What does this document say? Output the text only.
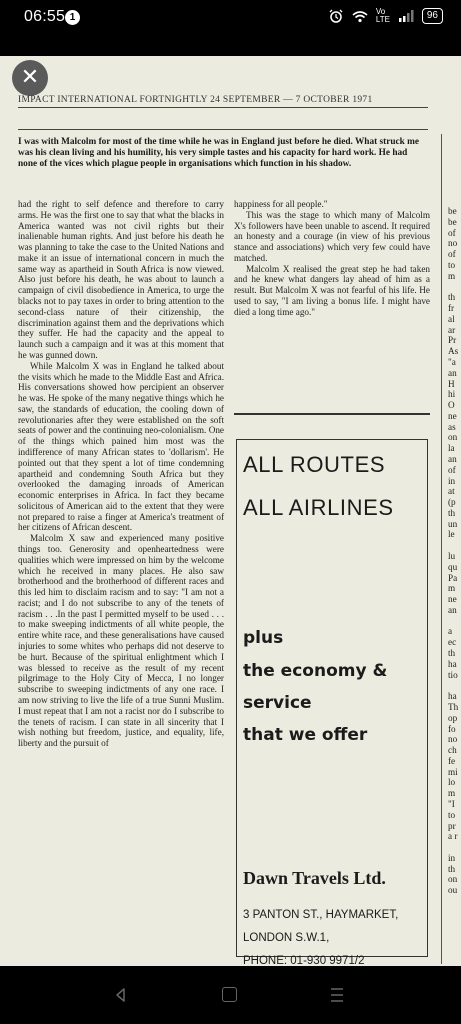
06:55 1
Vo LTE	96
✕
IMPACT INTERNATIONAL FORTNIGHTLY 24 SEPTEMBER — 7 OCTOBER 1971
I was with Malcolm for most of the time while he was in England just before he died. What struck me was his clean living and his humility, his very simple tastes and his capacity for hard work. He had none of the vices which plague people in organisations which function in his shadow.

had the right to self defence and therefore to carry arms. He was the first one to say that what the blacks in America wanted was not civil rights but their inalienable human rights. And just before his death he was planning to take the case to the United Nations and make it an issue of international concern in much the same way as apartheid in South Africa is now viewed. Also just before his death, he was about to launch a campaign of civil disobedience in America, to urge the blacks not to pay taxes in order to bring attention to the second-class nature of their citizenship, the discrimination against them and the deprivations which they suffer. He had the capacity and the appeal to launch such a campaign and it was at this moment that he was gunned down.

While Malcolm X was in England he talked about the visits which he made to the Middle East and Africa. His conversations showed how percipient an observer he was. He spoke of the many negative things which he saw, the standards of education, the cooling down of revolutionaries after they were established on the soft seats of power and the continuing neo-colonialism. One of the things which pained him most was the indifference of many African states to 'dollarism'. He pointed out that they spent a lot of time condemning apartheid and condemning South Africa but they overlooked the damaging inroads of American economic enterprises in Africa. In fact they became solicitous of American aid to the extent that they were not prepared to raise a finger at America's treatment of her citizens of African descent.

Malcolm X saw and experienced many positive things too. Generosity and openheartedness were qualities which were impressed on him by the welcome which he received in many places. He also saw brotherhood and the brotherhood of different races and this led him to disclaim racism and to say: "I am not a racist; and I do not subscribe to any of the tenets of racism . . .In the past I permitted myself to be used . . . to make sweeping indictments of all white people, the entire white race, and these generalisations have caused injuries to some whites who perhaps did not deserve to be hurt. Because of the spiritual enlightment which I was blessed to receive as the result of my recent pilgrimage to the Holy City of Mecca, I no longer subscribe to sweeping indictments of any one race. I am now striving to live the life of a true Sunni Muslim. I must repeat that I am not a racist nor do I subscribe to the tenets of racism. I can state in all sincerity that I wish nothing but freedom, justice, and equality, life, liberty and the pursuit of

happiness for all people."

This was the stage to which many of Malcolm X's followers have been unable to ascend. It required an honesty and a courage (in view of his previous stance and associations) which very few could have matched.

Malcolm X realised the great step he had taken and he knew what dangers lay ahead of him as a result. But Malcolm X was not fearful of his life. He used to say, "I am living a bonus life. I might have died a long time ago."

ALL ROUTES
ALL AIRLINES
plus
the economy &
service
that we offer
Dawn Travels Ltd.
3 PANTON ST., HAYMARKET,
LONDON S.W.1,
PHONE: 01-930 9971/2
be
be
of
no
of
to
m

th
fr
al
ar
Pr
As
"a
an
H
hi
O
ne
as
on
la
an
of
in
at
(p
th
un
le

lu
qu
Pa
m
ne
an

a
ec
th
ha
tio

ha
Th
op
fo
no
ch
fe
mi
lo
m
"I
to
pr
a r

in
th
on
ou
